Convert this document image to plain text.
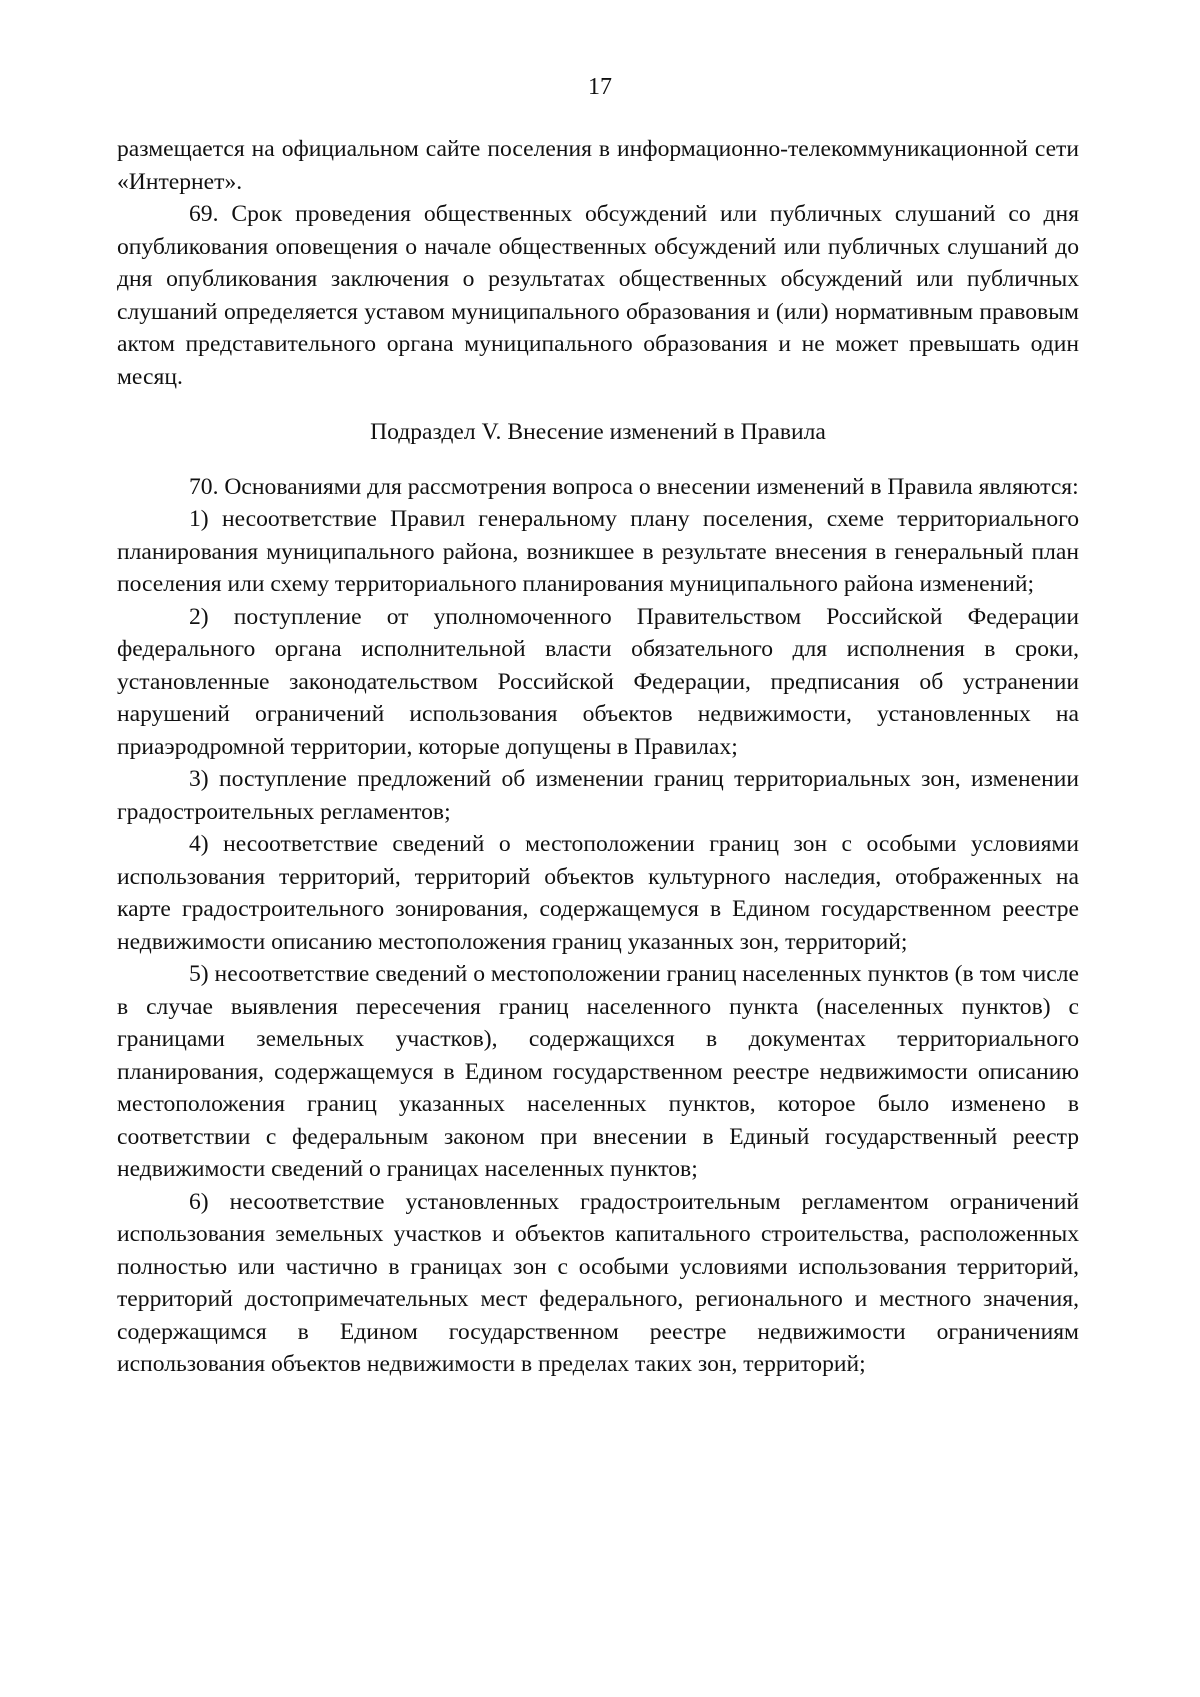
17

размещается на официальном сайте поселения в информационно-телекоммуникационной сети «Интернет».

69. Срок проведения общественных обсуждений или публичных слушаний со дня опубликования оповещения о начале общественных обсуждений или публичных слушаний до дня опубликования заключения о результатах общественных обсуждений или публичных слушаний определяется уставом муниципального образования и (или) нормативным правовым актом представительного органа муниципального образования и не может превышать один месяц.

Подраздел V. Внесение изменений в Правила

70. Основаниями для рассмотрения вопроса о внесении изменений в Правила являются:

1) несоответствие Правил генеральному плану поселения, схеме территориального планирования муниципального района, возникшее в результате внесения в генеральный план поселения или схему территориального планирования муниципального района изменений;

2) поступление от уполномоченного Правительством Российской Федерации федерального органа исполнительной власти обязательного для исполнения в сроки, установленные законодательством Российской Федерации, предписания об устранении нарушений ограничений использования объектов недвижимости, установленных на приаэродромной территории, которые допущены в Правилах;

3) поступление предложений об изменении границ территориальных зон, изменении градостроительных регламентов;

4) несоответствие сведений о местоположении границ зон с особыми условиями использования территорий, территорий объектов культурного наследия, отображенных на карте градостроительного зонирования, содержащемуся в Едином государственном реестре недвижимости описанию местоположения границ указанных зон, территорий;

5) несоответствие сведений о местоположении границ населенных пунктов (в том числе в случае выявления пересечения границ населенного пункта (населенных пунктов) с границами земельных участков), содержащихся в документах территориального планирования, содержащемуся в Едином государственном реестре недвижимости описанию местоположения границ указанных населенных пунктов, которое было изменено в соответствии с федеральным законом при внесении в Единый государственный реестр недвижимости сведений о границах населенных пунктов;

6) несоответствие установленных градостроительным регламентом ограничений использования земельных участков и объектов капитального строительства, расположенных полностью или частично в границах зон с особыми условиями использования территорий, территорий достопримечательных мест федерального, регионального и местного значения, содержащимся в Едином государственном реестре недвижимости ограничениям использования объектов недвижимости в пределах таких зон, территорий;
